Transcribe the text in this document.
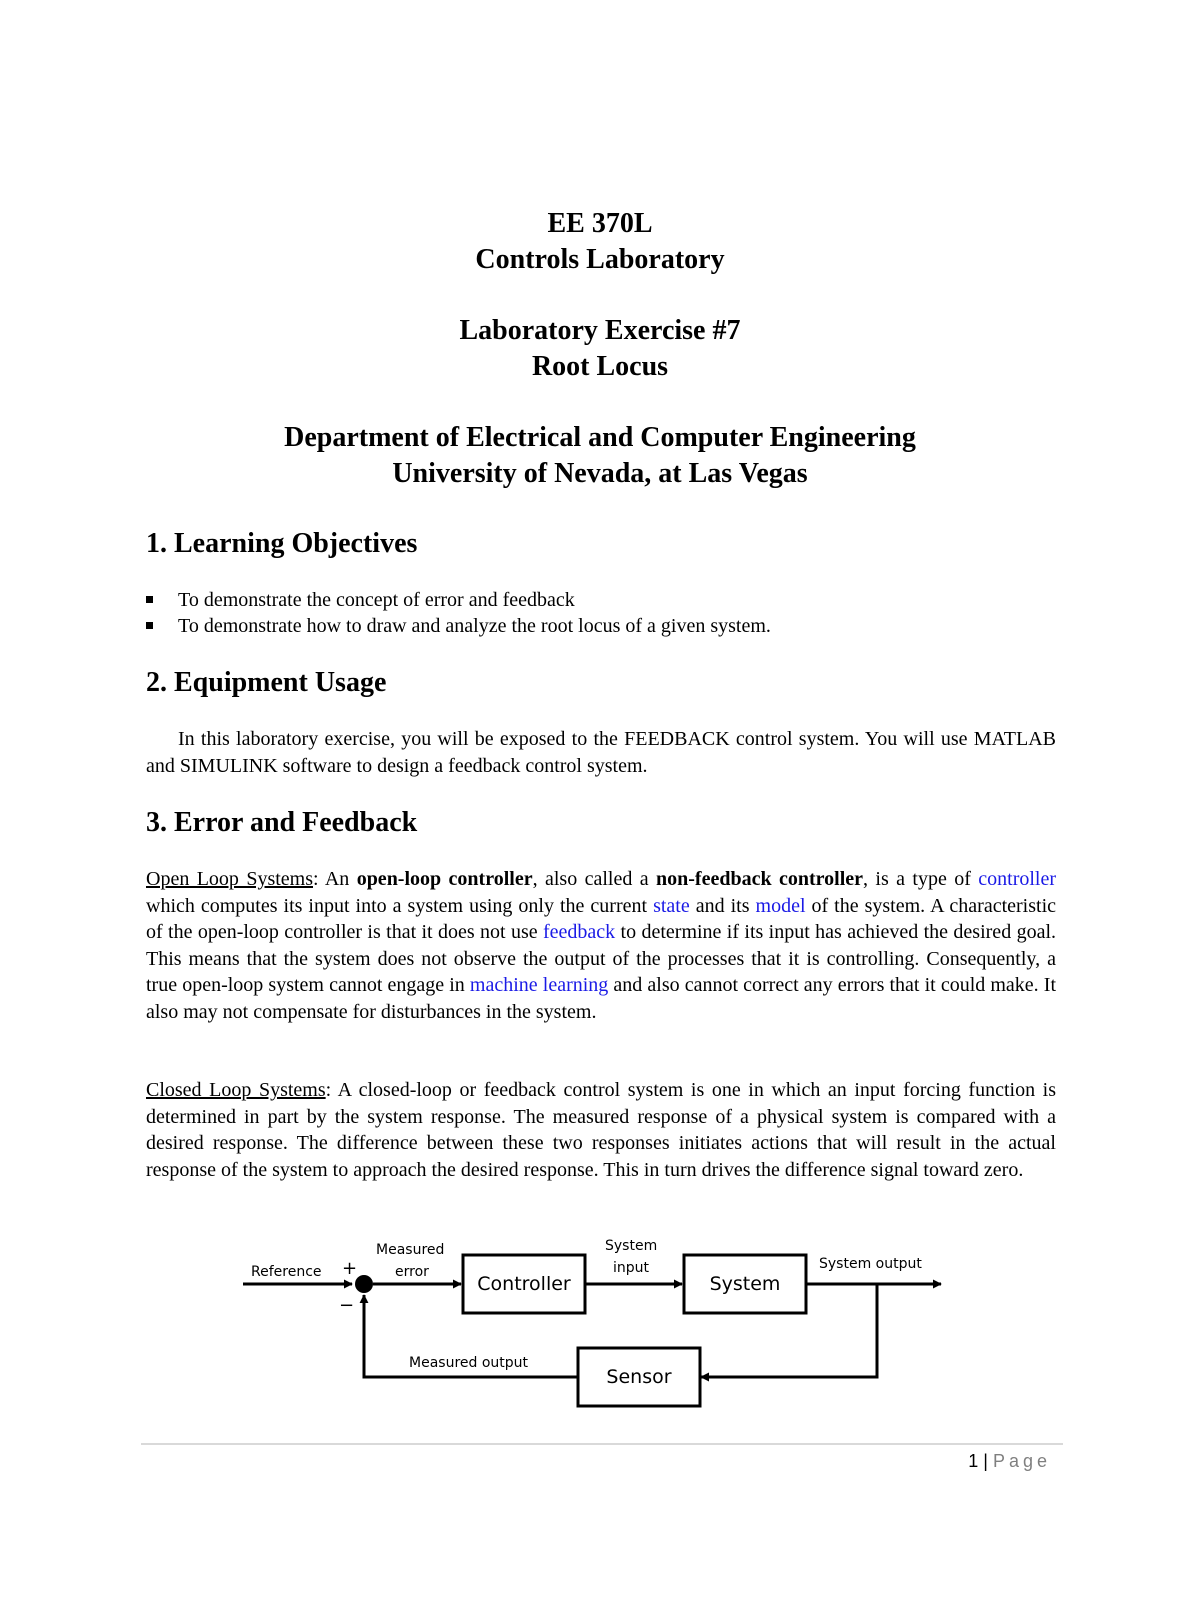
EE 370L
Controls Laboratory
Laboratory Exercise #7
Root Locus
Department of Electrical and Computer Engineering
University of Nevada, at Las Vegas
1. Learning Objectives
To demonstrate the concept of error and feedback
To demonstrate how to draw and analyze the root locus of a given system.
2. Equipment Usage
In this laboratory exercise, you will be exposed to the FEEDBACK control system. You will use MATLAB and SIMULINK software to design a feedback control system.
3. Error and Feedback
Open Loop Systems: An open-loop controller, also called a non-feedback controller, is a type of controller which computes its input into a system using only the current state and its model of the system. A characteristic of the open-loop controller is that it does not use feedback to determine if its input has achieved the desired goal. This means that the system does not observe the output of the processes that it is controlling. Consequently, a true open-loop system cannot engage in machine learning and also cannot correct any errors that it could make. It also may not compensate for disturbances in the system.
Closed Loop Systems: A closed-loop or feedback control system is one in which an input forcing function is determined in part by the system response. The measured response of a physical system is compared with a desired response. The difference between these two responses initiates actions that will result in the actual response of the system to approach the desired response. This in turn drives the difference signal toward zero.
Reference +
−
Measured
error
Controller
System
input
System
System output
Sensor
Measured output
1 | Page
